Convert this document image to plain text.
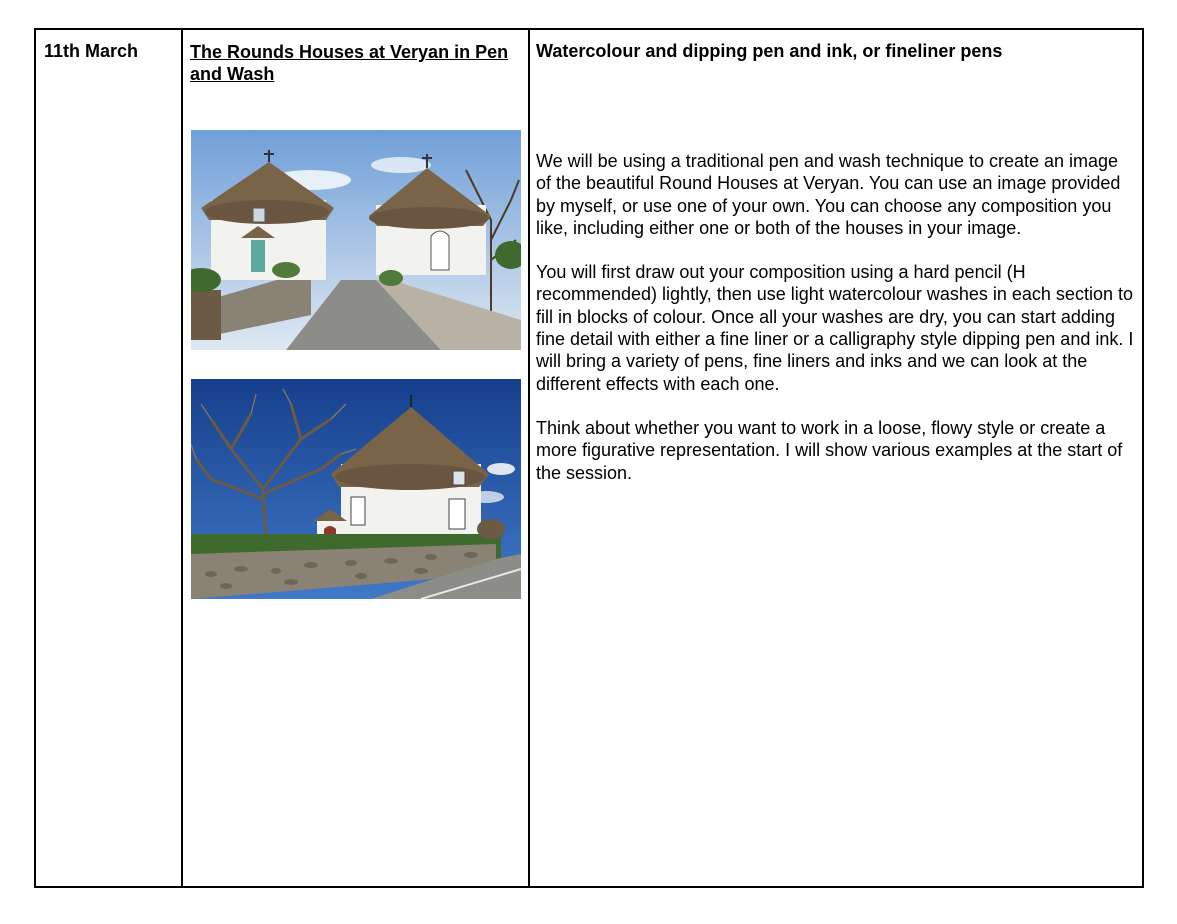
11th March	The Rounds Houses at Veryan in Pen and Wash
Watercolour and dipping pen and ink, or fineliner pens

We will be using a traditional pen and wash technique to create an image of the beautiful Round Houses at Veryan. You can use an image provided by myself, or use one of your own. You can choose any composition you like, including either one or both of the houses in your image.

You will first draw out your composition using a hard pencil (H recommended) lightly, then use light watercolour washes in each section to fill in blocks of colour. Once all your washes are dry, you can start adding fine detail with either a fine liner or a calligraphy style dipping pen and ink. I will bring a variety of pens, fine liners and inks and we can look at the different effects with each one.

Think about whether you want to work in a loose, flowy style or create a more figurative representation. I will show various examples at the start of the session.
